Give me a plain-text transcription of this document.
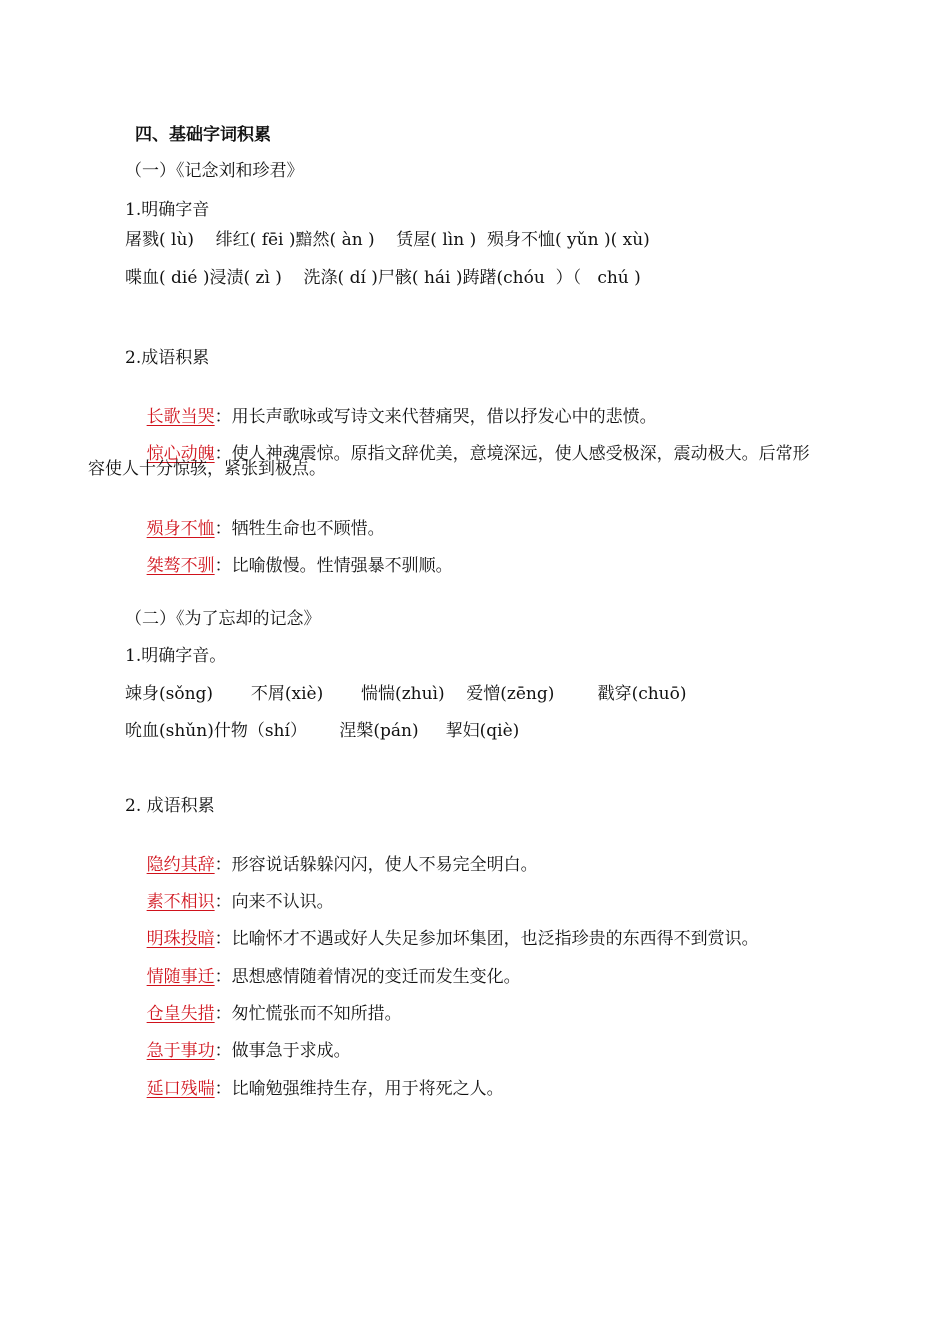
四、基础字词积累
（一）《记念刘和珍君》
1.明确字音
屠戮( lù)    绯红( fēi )黯然( àn )    赁屋( lìn )  殒身不恤( yǔn )( xù)
喋血( dié )浸渍( zì )    洗涤( dí )尸骸( hái )踌躇(chóu  ）（   chú )
2.成语积累

长歌当哭：用长声歌咏或写诗文来代替痛哭，借以抒发心中的悲愤。

惊心动魄：使人神魂震惊。原指文辞优美，意境深远，使人感受极深，震动极大。后常形

容使人十分惊骇，紧张到极点。

殒身不恤：牺牲生命也不顾惜。

桀骜不驯：比喻傲慢。性情强暴不驯顺。

（二）《为了忘却的记念》
1.明确字音。
竦身(sǒng)       不屑(xiè)       惴惴(zhuì)    爱憎(zēng)        戳穿(chuō)
吮血(shǔn)什物（shí）      涅槃(pán)     挈妇(qiè)
2. 成语积累

隐约其辞：形容说话躲躲闪闪，使人不易完全明白。

素不相识：向来不认识。

明珠投暗：比喻怀才不遇或好人失足参加坏集团，也泛指珍贵的东西得不到赏识。

情随事迁：思想感情随着情况的变迁而发生变化。

仓皇失措：匆忙慌张而不知所措。

急于事功：做事急于求成。

延口残喘：比喻勉强维持生存，用于将死之人。
